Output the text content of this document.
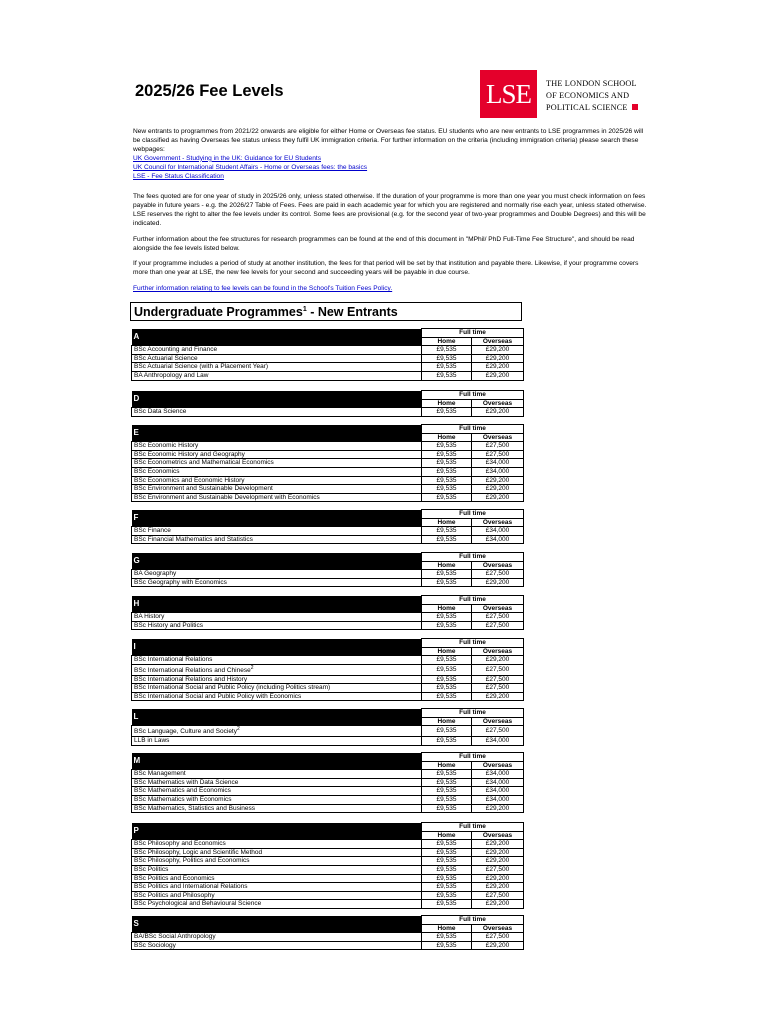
2025/26 Fee Levels	LSE	THE LONDON SCHOOL
OF ECONOMICS AND
POLITICAL SCIENCE

New entrants to programmes from 2021/22 onwards are eligible for either Home or Overseas fee status. EU students who are new entrants to LSE programmes in 2025/26 will be classified as having Overseas fee status unless they fulfil UK immigration criteria. For further information on the criteria (including immigration criteria) please search these webpages:

UK Government - Studying in the UK: Guidance for EU Students
UK Council for International Student Affairs - Home or Overseas fees: the basics
LSE - Fee Status Classification
The fees quoted are for one year of study in 2025/26 only, unless stated otherwise. If the duration of your programme is more than one year you must check information on fees payable in future years - e.g. the 2026/27 Table of Fees. Fees are paid in each academic year for which you are registered and normally rise each year, unless stated otherwise. LSE reserves the right to alter the fee levels under its control. Some fees are provisional (e.g. for the second year of two-year programmes and Double Degrees) and this will be indicated.
Further information about the fee structures for research programmes can be found at the end of this document in "MPhil/ PhD Full-Time Fee Structure", and should be read alongside the fee levels listed below.
If your programme includes a period of study at another institution, the fees for that period will be set by that institution and payable there. Likewise, if your programme covers more than one year at LSE, the new fee levels for your second and succeeding years will be payable in due course.
Further information relating to fee levels can be found in the School's Tuition Fees Policy.
Undergraduate Programmes$^1$ - New Entrants
A	Full time	
	Home	Overseas
BSc Accounting and Finance	£9,535	£29,200
BSc Actuarial Science	£9,535	£29,200
BSc Actuarial Science (with a Placement Year)	£9,535	£29,200
BA Anthropology and Law	£9,535	£29,200
D	Full time	
	Home	Overseas
BSc Data Science	£9,535	£29,200
E	Full time	
	Home	Overseas
BSc Economic History	£9,535	£27,500
BSc Economic History and Geography	£9,535	£27,500
BSc Econometrics and Mathematical Economics	£9,535	£34,000
BSc Economics	£9,535	£34,000
BSc Economics and Economic History	£9,535	£29,200
BSc Environment and Sustainable Development	£9,535	£29,200
BSc Environment and Sustainable Development with Economics	£9,535	£29,200
F	Full time	
	Home	Overseas
BSc Finance	£9,535	£34,000
BSc Financial Mathematics and Statistics	£9,535	£34,000
G	Full time	
	Home	Overseas
BA Geography	£9,535	£27,500
BSc Geography with Economics	£9,535	£29,200
H	Full time	
	Home	Overseas
BA History	£9,535	£27,500
BSc History and Politics	£9,535	£27,500
I	Full time	
	Home	Overseas
BSc International Relations	£9,535	£29,200
BSc International Relations and Chinese$^2$	£9,535	£27,500
BSc International Relations and History	£9,535	£27,500
BSc International Social and Public Policy (including Politics stream)	£9,535	£27,500
BSc International Social and Public Policy with Economics	£9,535	£29,200
L	Full time	
	Home	Overseas
BSc Language, Culture and Society$^2$	£9,535	£27,500
LLB in Laws	£9,535	£34,000
M	Full time	
	Home	Overseas
BSc Management	£9,535	£34,000
BSc Mathematics with Data Science	£9,535	£34,000
BSc Mathematics and Economics	£9,535	£34,000
BSc Mathematics with Economics	£9,535	£34,000
BSc Mathematics, Statistics and Business	£9,535	£29,200
P	Full time	
	Home	Overseas
BSc Philosophy and Economics	£9,535	£29,200
BSc Philosophy, Logic and Scientific Method	£9,535	£29,200
BSc Philosophy, Politics and Economics	£9,535	£29,200
BSc Politics	£9,535	£27,500
BSc Politics and Economics	£9,535	£29,200
BSc Politics and International Relations	£9,535	£29,200
BSc Politics and Philosophy	£9,535	£27,500
BSc Psychological and Behavioural Science	£9,535	£29,200
S	Full time	
	Home	Overseas
BA/BSc Social Anthropology	£9,535	£27,500
BSc Sociology	£9,535	£29,200
